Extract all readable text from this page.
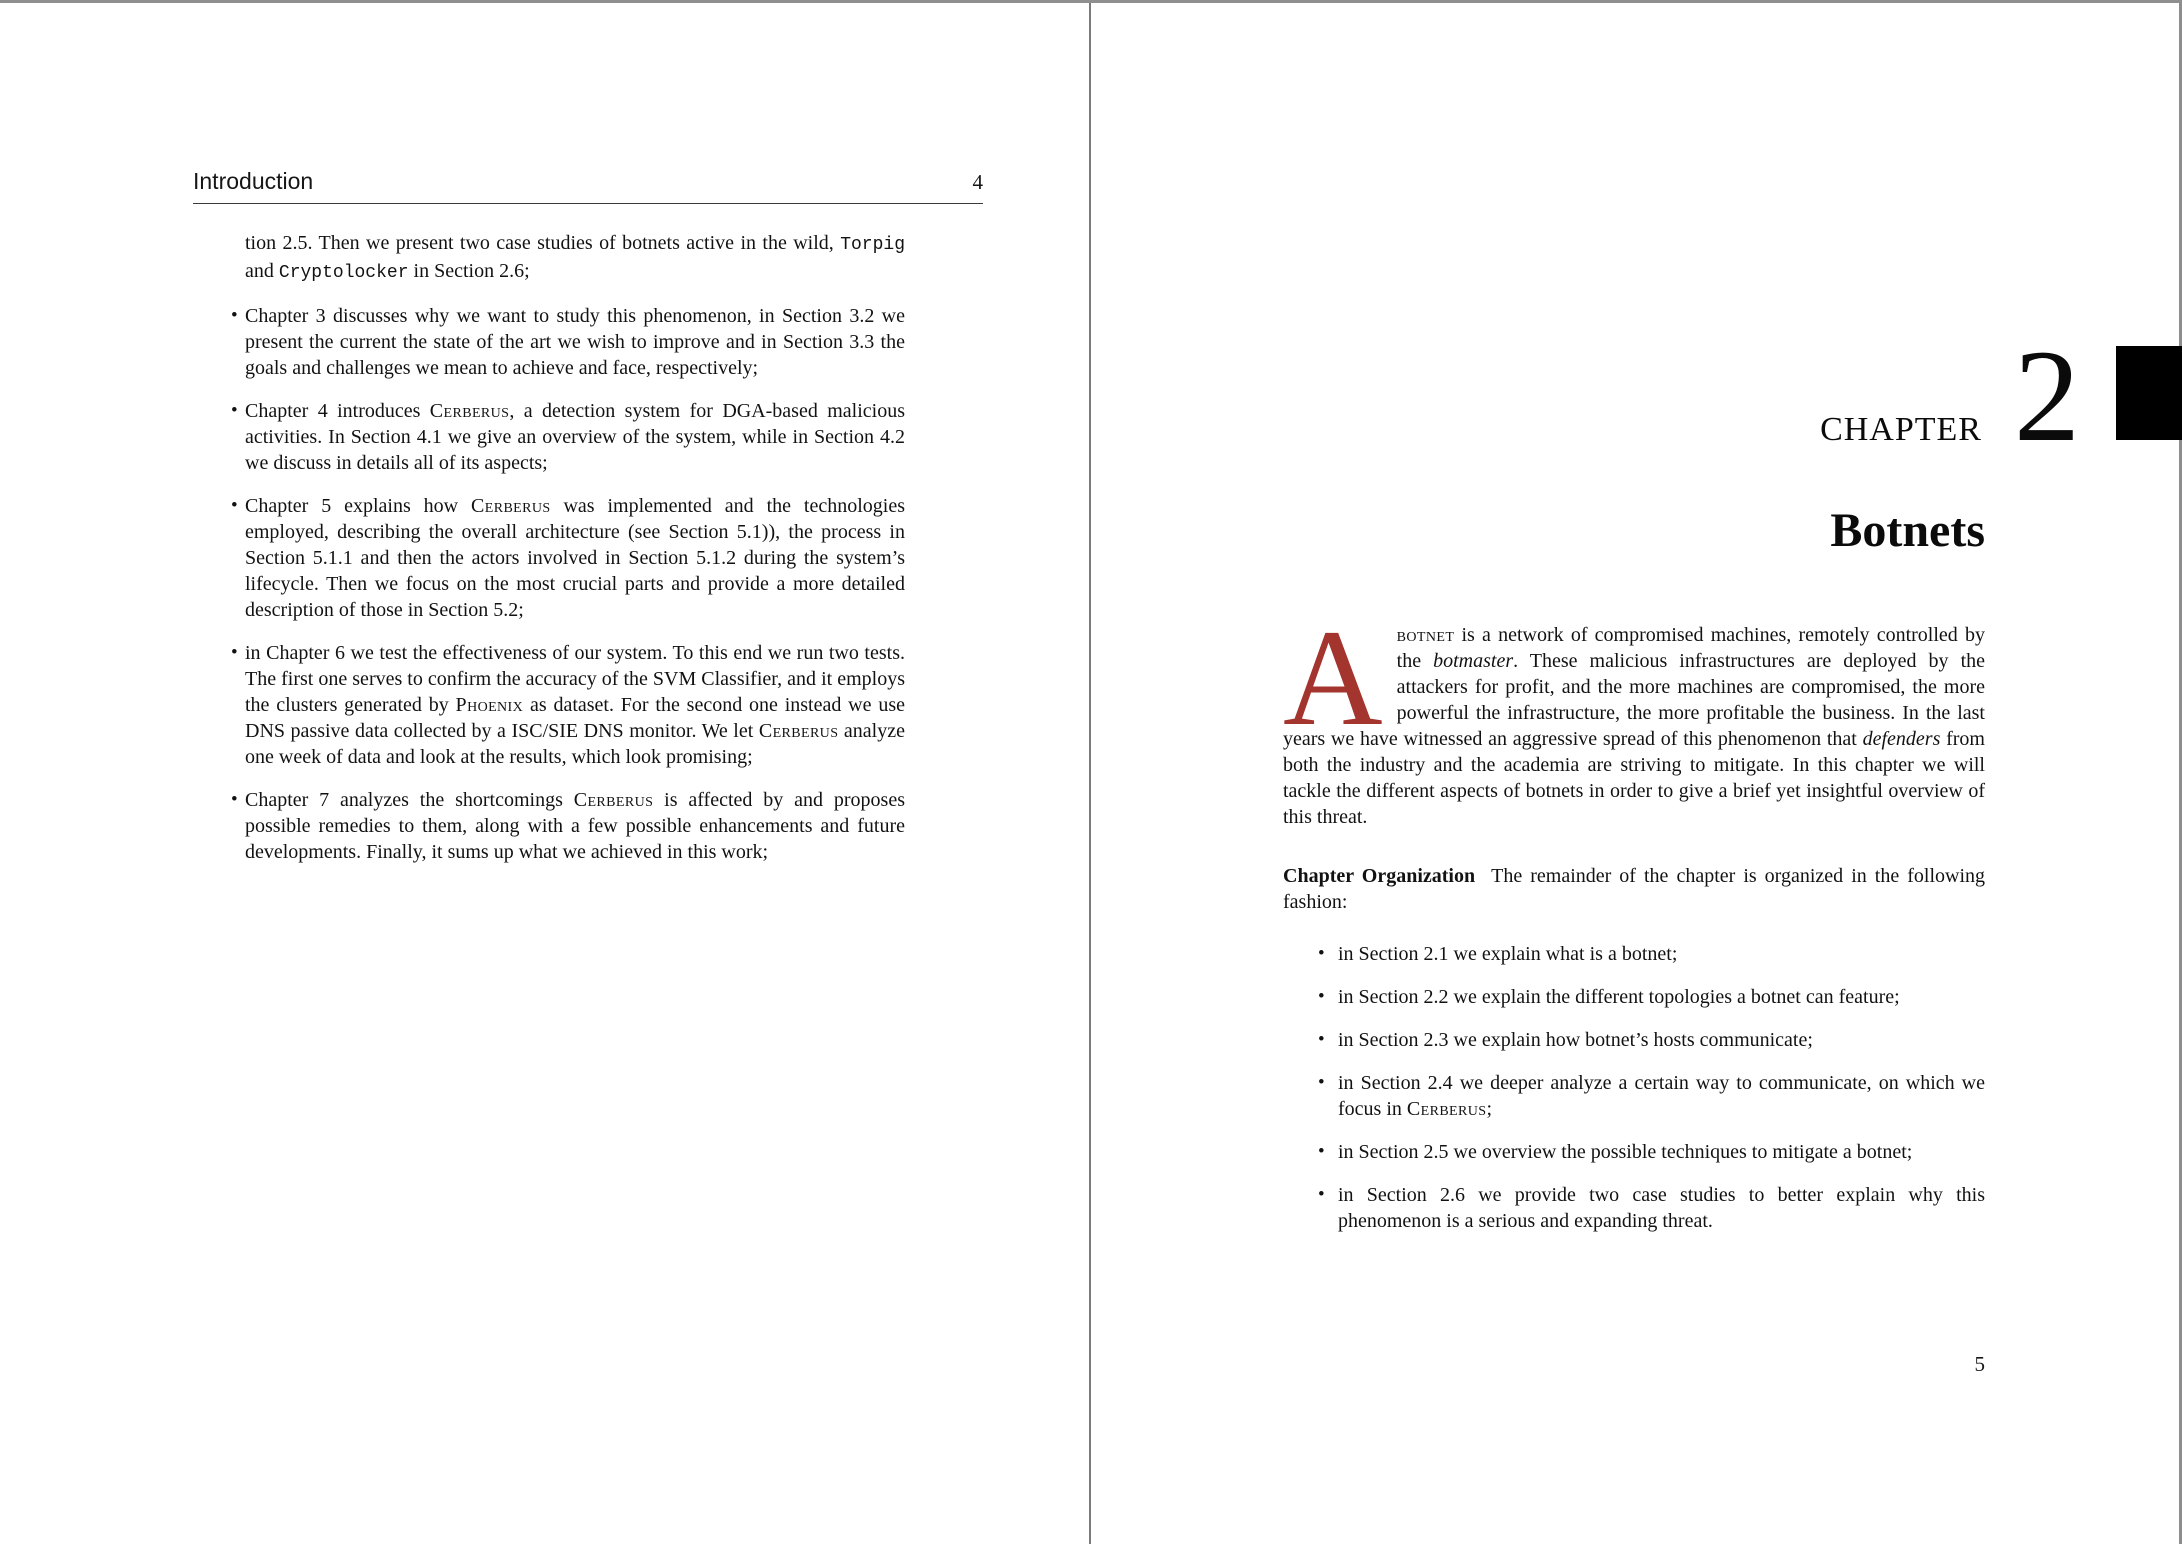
Introduction	4

tion 2.5. Then we present two case studies of botnets active in the wild, Torpig and Cryptolocker in Section 2.6;

• Chapter 3 discusses why we want to study this phenomenon, in Section 3.2 we present the current the state of the art we wish to improve and in Section 3.3 the goals and challenges we mean to achieve and face, respectively;
• Chapter 4 introduces Cerberus, a detection system for DGA-based malicious activities. In Section 4.1 we give an overview of the system, while in Section 4.2 we discuss in details all of its aspects;
• Chapter 5 explains how Cerberus was implemented and the technologies employed, describing the overall architecture (see Section 5.1)), the process in Section 5.1.1 and then the actors involved in Section 5.1.2 during the system’s lifecycle. Then we focus on the most crucial parts and provide a more detailed description of those in Section 5.2;
• in Chapter 6 we test the effectiveness of our system. To this end we run two tests. The first one serves to confirm the accuracy of the SVM Classifier, and it employs the clusters generated by Phoenix as dataset. For the second one instead we use DNS passive data collected by a ISC/SIE DNS monitor. We let Cerberus analyze one week of data and look at the results, which look promising;
• Chapter 7 analyzes the shortcomings Cerberus is affected by and proposes possible remedies to them, along with a few possible enhancements and future developments. Finally, it sums up what we achieved in this work;
CHAPTER 2
Botnets

Abotnet is a network of compromised machines, remotely controlled by the botmaster. These malicious infrastructures are deployed by the attackers for profit, and the more machines are compromised, the more powerful the infrastructure, the more profitable the business. In the last years we have witnessed an aggressive spread of this phenomenon that defenders from both the industry and the academia are striving to mitigate. In this chapter we will tackle the different aspects of botnets in order to give a brief yet insightful overview of this threat.

Chapter Organization The remainder of the chapter is organized in the following fashion:

• in Section 2.1 we explain what is a botnet;
• in Section 2.2 we explain the different topologies a botnet can feature;
• in Section 2.3 we explain how botnet’s hosts communicate;
• in Section 2.4 we deeper analyze a certain way to communicate, on which we focus in Cerberus;
• in Section 2.5 we overview the possible techniques to mitigate a botnet;
• in Section 2.6 we provide two case studies to better explain why this phenomenon is a serious and expanding threat.
5
